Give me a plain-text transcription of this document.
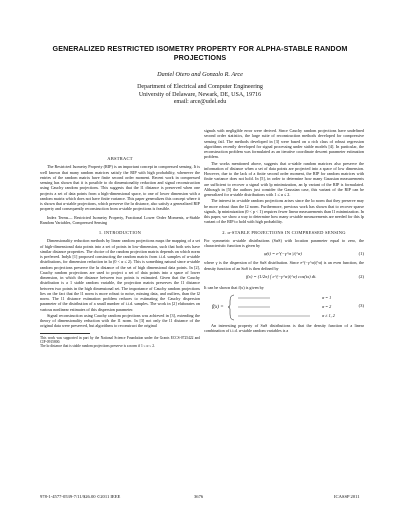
GENERALIZED RESTRICTED ISOMETRY PROPERTY FOR ALPHA-STABLE RANDOM PROJECTIONS
Daniel Otero and Gonzalo R. Arce
Department of Electrical and Computer Engineering
University of Delaware, Newark, DE, USA, 19716
email: arce@udel.edu
ABSTRACT
The Restricted Isometry Property (RIP) is an important concept in compressed sensing. It is well known that many random matrices satisfy the RIP with high probability, whenever the entries of the random matrix have finite second order moment. Recent work in compressed sensing has shown that it is possible to do dimensionality reduction and signal reconstruction using Cauchy random projections. This suggests that the l1 distance is preserved when one projects a set of data points from a high-dimensional space, to one of lower dimension with a random matrix which does not have finite variance. This paper generalizes this concept where it is shown that α-stable projections, which preserve the lα distance, also satisfy a generalized RIP property and consequently reconstruction from α-stable projections is feasible.
Index Terms— Restricted Isometry Property, Fractional Lower Order Moments, α-Stable Random Variables, Compressed Sensing
1. INTRODUCTION
Dimensionality reduction methods by linear random projections maps the mapping of a set of high-dimensional data points into a set of points in low-dimension, such that both sets have similar distance properties. The choice of the random projection matrix depends on which norm is preferred. Indyk [1] proposed constructing the random matrix from i.i.d. samples of α-stable distributions, for dimension reduction in lα (0 < α ≤ 2). This is something natural since α-stable random projections preserve the lα distance of the set of high dimensional data points. In [2], Cauchy random projections are used to project a set of data points into a space of lower dimension, in which the distance between two points is estimated. Given that the Cauchy distribution is a 1 stable random variable, the projection matrix preserves the l1 distance between two points in the high dimensional set. The importance of Cauchy random projections lies on the fact that the l1 norm is more robust to noise, missing data, and outliers, than the l2 norm. The l1 distance estimation problem reduces to estimating the Cauchy dispersion parameter of the distribution of a small number of i.i.d. samples. The work in [2] elaborates on various nonlinear estimates of this dispersion parameter.
Signal reconstruction using Cauchy random projections was achieved in [3], extending the theory of dimensionality reduction with the l1 norm. In [3] not only the l1 distance of the original data were preserved, but algorithms to reconstruct the original
This work was supported in part by the National Science Foundation under the Grants ECCS-0725422 and CIF-0915800.
The lα distance that is stable random projections preserve is a norm if 1 ≤ α ≤ 2.
signals with negligible error were derived. Since Cauchy random projections have undefined second order statistics, the large suite of reconstruction methods developed for compressive sensing fail. The methods developed in [3] were based on a rich class of robust regression algorithms recently developed for signal processing under stable models [4]. In particular, the reconstruction problem was formulated as an iterative coordinate descent parameter estimation problem.
The works mentioned above, suggests that α-stable random matrices also preserve the information of distance when a set of data points are projected into a space of low dimension. However, due to the lack of a finite second order moment, the RIP for random matrices with finite variance does not hold. In [5], in order to determine how many Gaussian measurements are sufficient to recover a signal with lp minimization, an lp variant of the RIP is formulated. Although in [5] the authors just consider the Gaussian case, this variant of the RIP can be generalized for α-stable distributions with 1 ≤ α ≤ 2.
The interest in α-stable random projections arises since the lα norm that they preserve may be more robust than the l2 norm. Furthermore, previous work has shown that to recover sparse signals, lp minimization (0 < p < 1) requires fewer linear measurements than l1 minimization. In this paper, we show a way to determine how many α-stable measurements are needed for this lp variant of the RIP to hold with high probability.
2. α-STABLE PROJECTIONS IN COMPRESSED SENSING
For symmetric α-stable distributions (SαS) with location parameter equal to zero, the characteristic function is given by
φ(t) = e^(−γ^α |t|^α)	(1)
where γ is the dispersion of the SαS distribution. Since e^(−γ^α|t|^α) is an even function, the density function of an SαS is then defined by
f(x) = (1/2π) ∫ e^(−γ^α|t|^α) cos(tx) dt.	(2)
It can be shown that f(x) is given by
f(x) =
α = 1
α = 2
α ≠ 1, 2
(3)
An interesting property of SαS distributions is that the density function of a linear combination of i.i.d. α-stable random variables is a
978-1-4577-0539-7/11/$26.00 ©2011 IEEE	3676	ICASSP 2011
